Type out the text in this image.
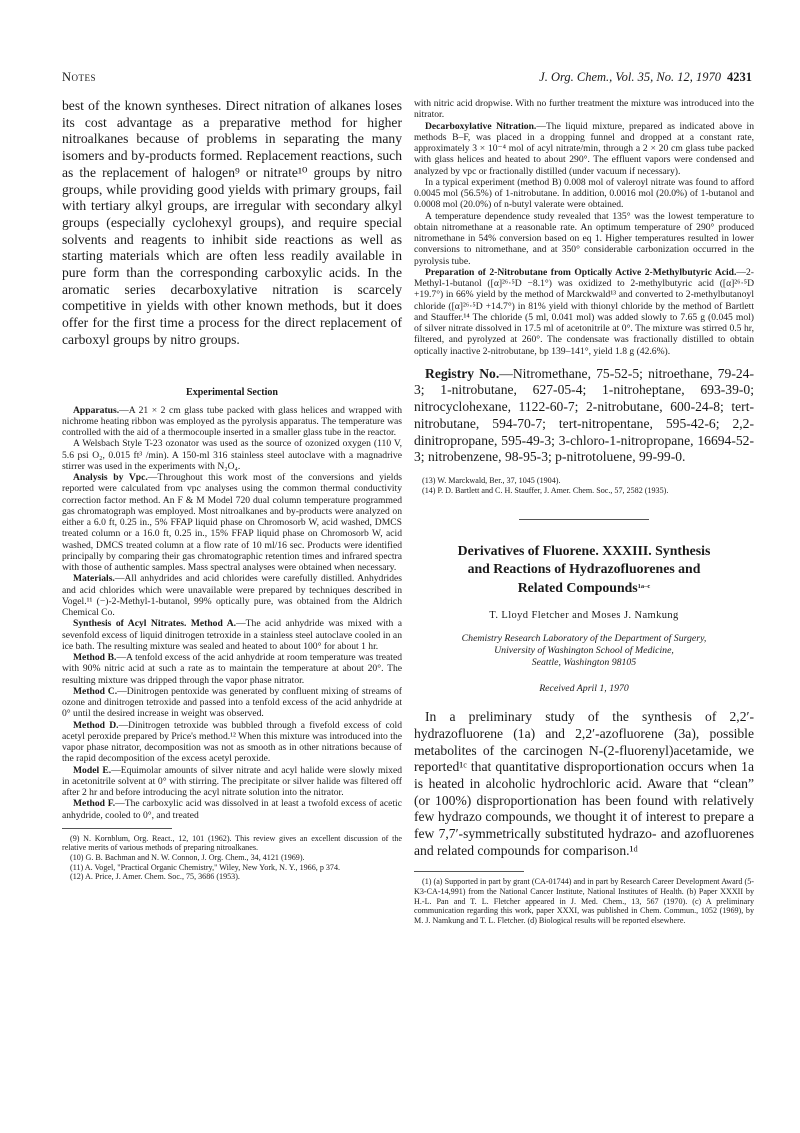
Notes	J. Org. Chem., Vol. 35, No. 12, 1970 4231

best of the known syntheses. Direct nitration of alkanes loses its cost advantage as a preparative method for higher nitroalkanes because of problems in separating the many isomers and by-products formed. Replacement reactions, such as the replacement of halogen⁹ or nitrate¹⁰ groups by nitro groups, while providing good yields with primary groups, fail with tertiary alkyl groups, are irregular with secondary alkyl groups (especially cyclohexyl groups), and require special solvents and reagents to inhibit side reactions as well as starting materials which are often less readily available in pure form than the corresponding carboxylic acids. In the aromatic series decarboxylative nitration is scarcely competitive in yields with other known methods, but it does offer for the first time a process for the direct replacement of carboxyl groups by nitro groups.

Experimental Section

Apparatus.—A 21 × 2 cm glass tube packed with glass helices and wrapped with nichrome heating ribbon was employed as the pyrolysis apparatus. The temperature was controlled with the aid of a thermocouple inserted in a smaller glass tube in the reactor.

A Welsbach Style T-23 ozonator was used as the source of ozonized oxygen (110 V, 5.6 psi O₂, 0.015 ft³ /min). A 150-ml 316 stainless steel autoclave with a magnadrive stirrer was used in the experiments with N₂O₄.

Analysis by Vpc.—Throughout this work most of the conversions and yields reported were calculated from vpc analyses using the common thermal conductivity correction factor method. An F & M Model 720 dual column temperature programmed gas chromatograph was employed. Most nitroalkanes and by-products were analyzed on either a 6.0 ft, 0.25 in., 5% FFAP liquid phase on Chromosorb W, acid washed, DMCS treated column or a 16.0 ft, 0.25 in., 15% FFAP liquid phase on Chromosorb W, acid washed, DMCS treated column at a flow rate of 10 ml/16 sec. Products were identified principally by comparing their gas chromatographic retention times and infrared spectra with those of authentic samples. Mass spectral analyses were obtained when necessary.

Materials.—All anhydrides and acid chlorides were carefully distilled. Anhydrides and acid chlorides which were unavailable were prepared by techniques described in Vogel.¹¹ (−)-2-Methyl-1-butanol, 99% optically pure, was obtained from the Aldrich Chemical Co.

Synthesis of Acyl Nitrates. Method A.—The acid anhydride was mixed with a sevenfold excess of liquid dinitrogen tetroxide in a stainless steel autoclave cooled in an ice bath. The resulting mixture was sealed and heated to about 100° for about 1 hr.

Method B.—A tenfold excess of the acid anhydride at room temperature was treated with 90% nitric acid at such a rate as to maintain the temperature at about 20°. The resulting mixture was dripped through the vapor phase nitrator.

Method C.—Dinitrogen pentoxide was generated by confluent mixing of streams of ozone and dinitrogen tetroxide and passed into a tenfold excess of the acid anhydride at 0° until the desired increase in weight was observed.

Method D.—Dinitrogen tetroxide was bubbled through a fivefold excess of cold acetyl peroxide prepared by Price's method.¹² When this mixture was introduced into the vapor phase nitrator, decomposition was not as smooth as in other nitrations because of the rapid decomposition of the excess acetyl peroxide.

Model E.—Equimolar amounts of silver nitrate and acyl halide were slowly mixed in acetonitrile solvent at 0° with stirring. The precipitate or silver halide was filtered off after 2 hr and before introducing the acyl nitrate solution into the nitrator.

Method F.—The carboxylic acid was dissolved in at least a twofold excess of acetic anhydride, cooled to 0°, and treated

(9) N. Kornblum, Org. React., 12, 101 (1962). This review gives an excellent discussion of the relative merits of various methods of preparing nitroalkanes.

(10) G. B. Bachman and N. W. Connon, J. Org. Chem., 34, 4121 (1969).

(11) A. Vogel, "Practical Organic Chemistry," Wiley, New York, N. Y., 1966, p 374.

(12) A. Price, J. Amer. Chem. Soc., 75, 3686 (1953).

with nitric acid dropwise. With no further treatment the mixture was introduced into the nitrator.

Decarboxylative Nitration.—The liquid mixture, prepared as indicated above in methods B–F, was placed in a dropping funnel and dropped at a constant rate, approximately 3 × 10⁻⁴ mol of acyl nitrate/min, through a 2 × 20 cm glass tube packed with glass helices and heated to about 290°. The effluent vapors were condensed and analyzed by vpc or fractionally distilled (under vacuum if necessary).

In a typical experiment (method B) 0.008 mol of valeroyl nitrate was found to afford 0.0045 mol (56.5%) of 1-nitrobutane. In addition, 0.0016 mol (20.0%) of 1-butanol and 0.0008 mol (20.0%) of n-butyl valerate were obtained.

A temperature dependence study revealed that 135° was the lowest temperature to obtain nitromethane at a reasonable rate. An optimum temperature of 290° produced nitromethane in 54% conversion based on eq 1. Higher temperatures resulted in lower conversions to nitromethane, and at 350° considerable carbonization occurred in the pyrolysis tube.

Preparation of 2-Nitrobutane from Optically Active 2-Methylbutyric Acid.—2-Methyl-1-butanol ([α]²⁶·⁵D −8.1°) was oxidized to 2-methylbutyric acid ([α]²⁶·⁵D +19.7°) in 66% yield by the method of Marckwald¹³ and converted to 2-methylbutanoyl chloride ([α]²⁶·⁵D +14.7°) in 81% yield with thionyl chloride by the method of Bartlett and Stauffer.¹⁴ The chloride (5 ml, 0.041 mol) was added slowly to 7.65 g (0.045 mol) of silver nitrate dissolved in 17.5 ml of acetonitrile at 0°. The mixture was stirred 0.5 hr, filtered, and pyrolyzed at 260°. The condensate was fractionally distilled to obtain optically inactive 2-nitrobutane, bp 139–141°, yield 1.8 g (42.6%).

Registry No.—Nitromethane, 75-52-5; nitroethane, 79-24-3; 1-nitrobutane, 627-05-4; 1-nitroheptane, 693-39-0; nitrocyclohexane, 1122-60-7; 2-nitrobutane, 600-24-8; tert-nitrobutane, 594-70-7; tert-nitropentane, 595-42-6; 2,2-dinitropropane, 595-49-3; 3-chloro-1-nitropropane, 16694-52-3; nitrobenzene, 98-95-3; p-nitrotoluene, 99-99-0.

(13) W. Marckwald, Ber., 37, 1045 (1904).

(14) P. D. Bartlett and C. H. Stauffer, J. Amer. Chem. Soc., 57, 2582 (1935).

Derivatives of Fluorene. XXXIII. Synthesis

and Reactions of Hydrazofluorenes and

Related Compounds$^{1a-c}$

T. Lloyd Fletcher and Moses J. Namkung

Chemistry Research Laboratory of the Department of Surgery,

University of Washington School of Medicine,

Seattle, Washington 98105

Received April 1, 1970

In a preliminary study of the synthesis of 2,2′-hydrazofluorene (1a) and 2,2′-azofluorene (3a), possible metabolites of the carcinogen N-(2-fluorenyl)acetamide, we reported¹ᶜ that quantitative disproportionation occurs when 1a is heated in alcoholic hydrochloric acid. Aware that “clean” (or 100%) disproportionation has been found with relatively few hydrazo compounds, we thought it of interest to prepare a few 7,7′-symmetrically substituted hydrazo- and azofluorenes and related compounds for comparison.¹ᵈ

(1) (a) Supported in part by grant (CA-01744) and in part by Research Career Development Award (5-K3-CA-14,991) from the National Cancer Institute, National Institutes of Health. (b) Paper XXXII by H.-L. Pan and T. L. Fletcher appeared in J. Med. Chem., 13, 567 (1970). (c) A preliminary communication regarding this work, paper XXXI, was published in Chem. Commun., 1052 (1969), by M. J. Namkung and T. L. Fletcher. (d) Biological results will be reported elsewhere.
